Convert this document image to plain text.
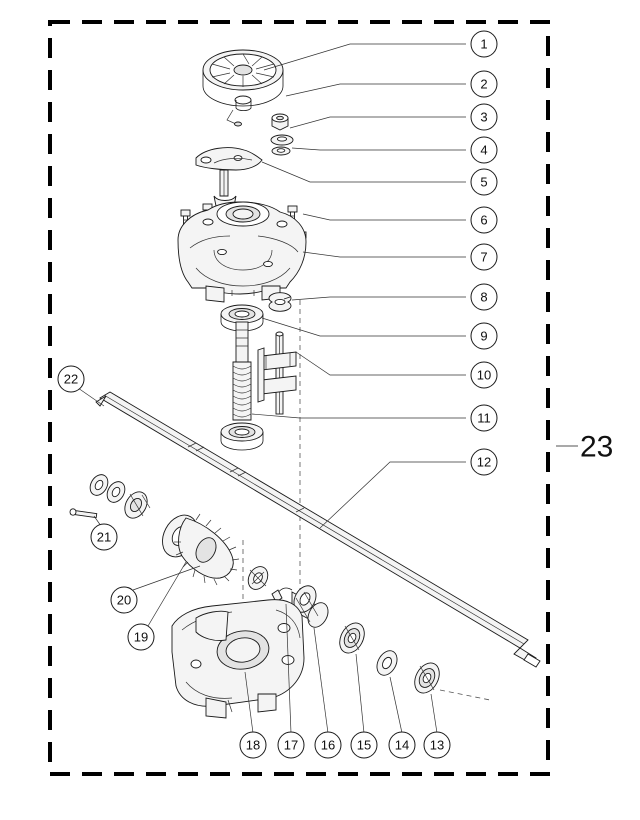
23
1
2
3
4
5
6
7
8
9
10
11
12
13
14
15
16
17
18
19
20
21
22
